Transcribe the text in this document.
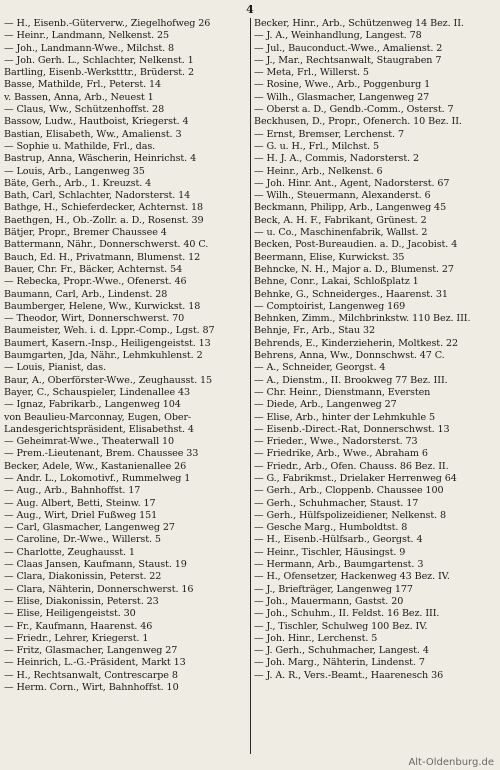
4
— H., Eisenb.-Güterverw., Ziegelhofweg 26
— Heinr., Landmann, Nelkenst. 25
— Joh., Landmann-Wwe., Milchst. 8
— Joh. Gerh. L., Schlachter, Nelkenst. 1
Bartling, Eisenb.-Werkstttr., Brüderst. 2
Basse, Mathilde, Frl., Peterst. 14
v. Bassen, Anna, Arb., Neuest 1
— Claus, Ww., Schützenhoffst. 28
Bassow, Ludw., Hautboist, Kriegerst. 4
Bastian, Elisabeth, Ww., Amalienst. 3
— Sophie u. Mathilde, Frl., das.
Bastrup, Anna, Wäscherin, Heinrichst. 4
— Louis, Arb., Langenweg 35
Bäte, Gerh., Arb., 1. Kreuzst. 4
Bath, Carl, Schlachter, Nadorsterst. 14
Bathge, H., Schieferdecker, Achternst. 18
Baethgen, H., Ob.-Zollr. a. D., Rosenst. 39
Bätjer, Propr., Bremer Chaussee 4
Battermann, Nähr., Donnerschwerst. 40 C.
Bauch, Ed. H., Privatmann, Blumenst. 12
Bauer, Chr. Fr., Bäcker, Achternst. 54
— Rebecka, Propr.-Wwe., Ofenerst. 46
Baumann, Carl, Arb., Lindenst. 28
Baumberger, Helene, Ww., Kurwickst. 18
— Theodor, Wirt, Donnerschwerst. 70
Baumeister, Weh. i. d. Lppr.-Comp., Lgst. 87
Baumert, Kasern.-Insp., Heiligengeistst. 13
Baumgarten, Jda, Nähr., Lehmkuhlenst. 2
— Louis, Pianist, das.
Baur, A., Oberförster-Wwe., Zeughausst. 15
Bayer, C., Schauspieler, Lindenallee 43
— Ignaz, Fabrikarb., Langenweg 104
von Beaulieu-Marconnay, Eugen, Ober-
Landesgerichtspräsident, Elisabethst. 4
— Geheimrat-Wwe., Theaterwall 10
— Prem.-Lieutenant, Brem. Chaussee 33
Becker, Adele, Ww., Kastanienallee 26
— Andr. L., Lokomotivf., Rummelweg 1
— Aug., Arb., Bahnhoffst. 17
— Aug. Albert, Betti, Steinw. 17
— Aug., Wirt, Driel Fußweg 151
— Carl, Glasmacher, Langenweg 27
— Caroline, Dr.-Wwe., Willerst. 5
— Charlotte, Zeughausst. 1
— Claas Jansen, Kaufmann, Staust. 19
— Clara, Diakonissin, Peterst. 22
— Clara, Nähterin, Donnerschwerst. 16
— Elise, Diakonissin, Peterst. 23
— Elise, Heiligengeistst. 30
— Fr., Kaufmann, Haarenst. 46
— Friedr., Lehrer, Kriegerst. 1
— Fritz, Glasmacher, Langenweg 27
— Heinrich, L.-G.-Präsident, Markt 13
— H., Rechtsanwalt, Contrescarpe 8
— Herm. Corn., Wirt, Bahnhoffst. 10
Becker, Hinr., Arb., Schützenweg 14 Bez. II.
— J. A., Weinhandlung, Langest. 78
— Jul., Bauconduct.-Wwe., Amalienst. 2
— J., Mar., Rechtsanwalt, Staugraben 7
— Meta, Frl., Willerst. 5
— Rosine, Wwe., Arb., Poggenburg 1
— Wilh., Glasmacher, Langenweg 27
— Oberst a. D., Gendb.-Comm., Osterst. 7
Beckhusen, D., Propr., Ofenerch. 10 Bez. II.
— Ernst, Bremser, Lerchenst. 7
— G. u. H., Frl., Milchst. 5
— H. J. A., Commis, Nadorsterst. 2
— Heinr., Arb., Nelkenst. 6
— Joh. Hinr. Ant., Agent, Nadorsterst. 67
— Wilh., Steuermann, Alexanderst. 6
Beckmann, Philipp, Arb., Langenweg 45
Beck, A. H. F., Fabrikant, Grünest. 2
— u. Co., Maschinenfabrik, Wallst. 2
Becken, Post-Bureaudien. a. D., Jacobist. 4
Beermann, Elise, Kurwickst. 35
Behncke, N. H., Major a. D., Blumenst. 27
Behne, Conr., Lakai, Schloßplatz 1
Behnke, G., Schneiderges., Haarenst. 31
— Comptoirist, Langenweg 169
Behnken, Zimm., Milchbrinkstw. 110 Bez. III.
Behnje, Fr., Arb., Stau 32
Behrends, E., Kinderzieherin, Moltkest. 22
Behrens, Anna, Ww., Donnschwst. 47 C.
— A., Schneider, Georgst. 4
— A., Dienstm., II. Brookweg 77 Bez. III.
— Chr. Heinr., Dienstmann, Eversten
— Diede, Arb., Langenweg 27
— Elise, Arb., hinter der Lehmkuhle 5
— Eisenb.-Direct.-Rat, Donnerschwst. 13
— Frieder., Wwe., Nadorsterst. 73
— Friedrike, Arb., Wwe., Abraham 6
— Friedr., Arb., Ofen. Chauss. 86 Bez. II.
— G., Fabrikmst., Drielaker Herrenweg 64
— Gerh., Arb., Cloppenb. Chaussee 100
— Gerh., Schuhmacher, Staust. 17
— Gerh., Hülfspolizeidiener, Nelkenst. 8
— Gesche Marg., Humboldtst. 8
— H., Eisenb.-Hülfsarb., Georgst. 4
— Heinr., Tischler, Häusingst. 9
— Hermann, Arb., Baumgartenst. 3
— H., Ofensetzer, Hackenweg 43 Bez. IV.
— J., Briefträger, Langenweg 177
— Joh., Mauermann, Gastst. 20
— Joh., Schuhm., II. Feldst. 16 Bez. III.
— J., Tischler, Schulweg 100 Bez. IV.
— Joh. Hinr., Lerchenst. 5
— J. Gerh., Schuhmacher, Langest. 4
— Joh. Marg., Nähterin, Lindenst. 7
— J. A. R., Vers.-Beamt., Haarenesch 36
Alt-Oldenburg.de
